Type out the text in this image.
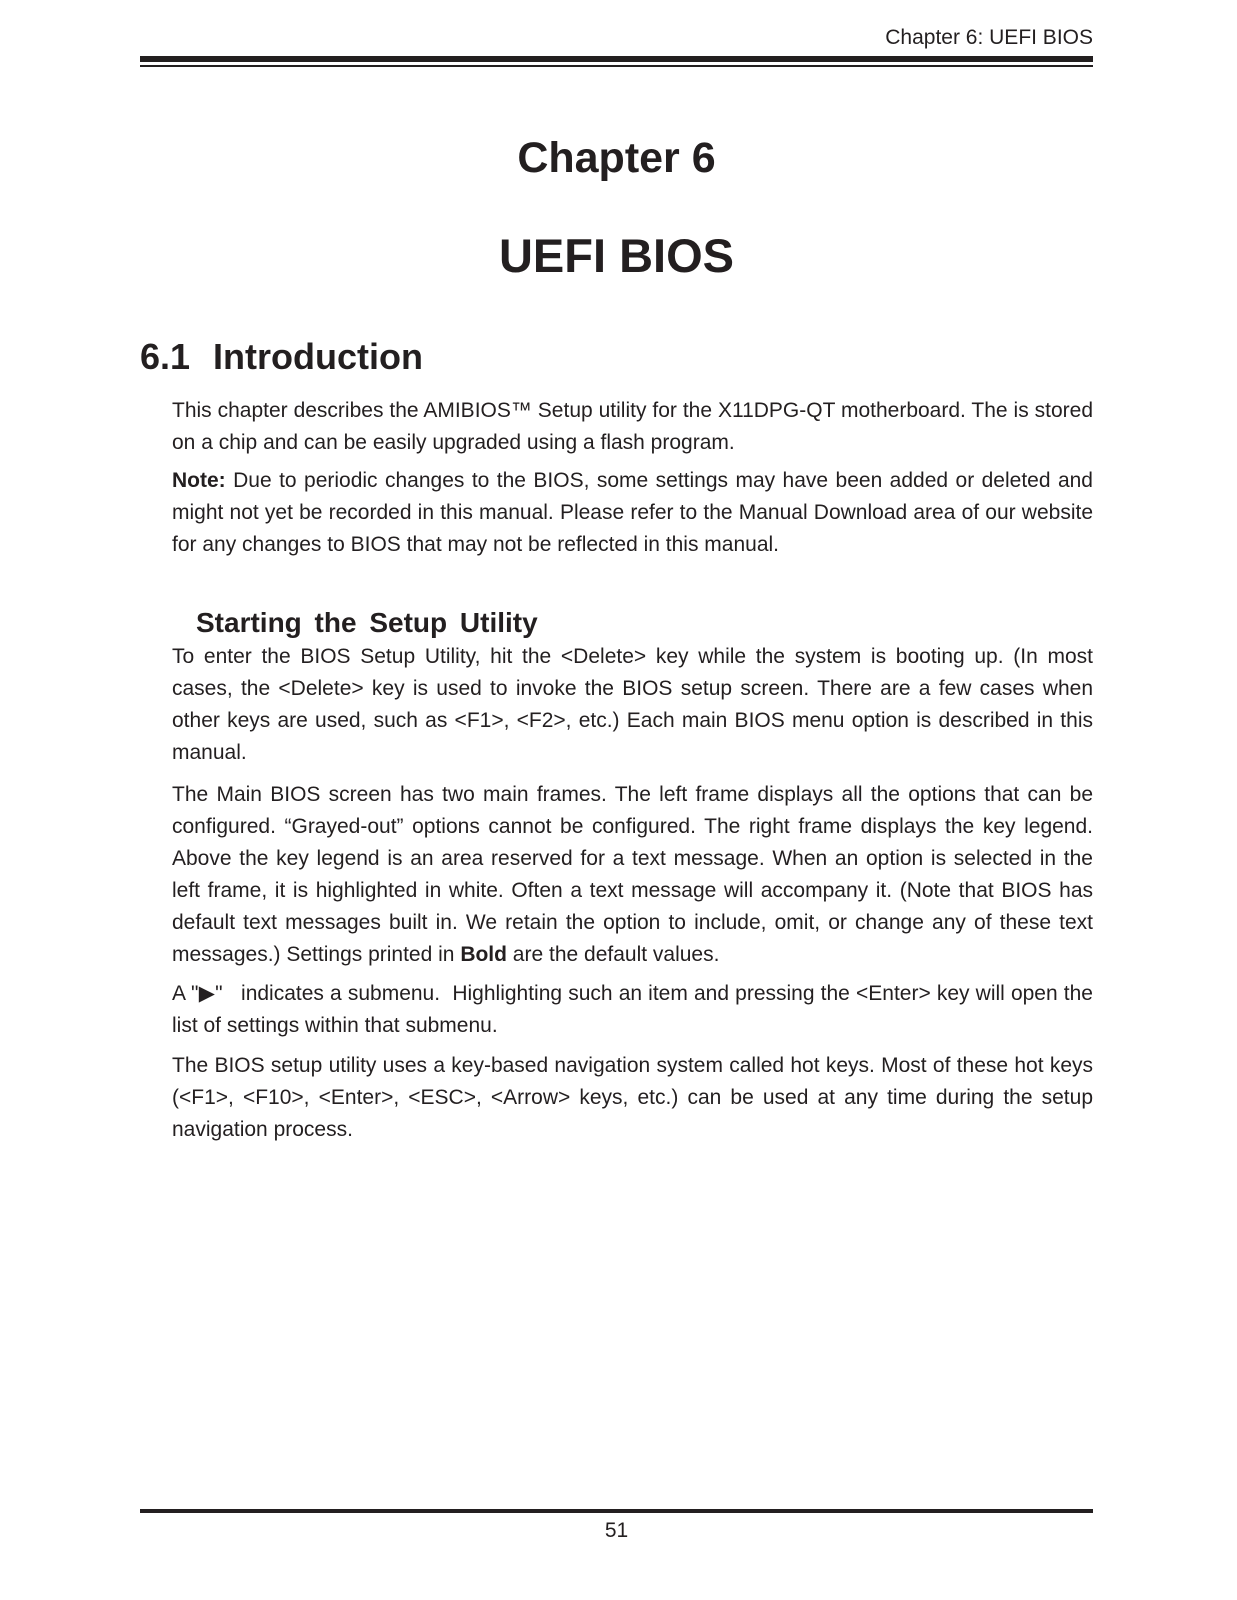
Chapter 6: UEFI BIOS
Chapter 6
UEFI BIOS
6.1 Introduction

This chapter describes the AMIBIOS™ Setup utility for the X11DPG-QT motherboard. The is stored on a chip and can be easily upgraded using a flash program.

Note: Due to periodic changes to the BIOS, some settings may have been added or deleted and might not yet be recorded in this manual. Please refer to the Manual Download area of our website for any changes to BIOS that may not be reflected in this manual.

Starting the Setup Utility

To enter the BIOS Setup Utility, hit the <Delete> key while the system is booting up. (In most cases, the <Delete> key is used to invoke the BIOS setup screen. There are a few cases when other keys are used, such as <F1>, <F2>, etc.) Each main BIOS menu option is described in this manual.

The Main BIOS screen has two main frames. The left frame displays all the options that can be configured. “Grayed-out” options cannot be configured. The right frame displays the key legend. Above the key legend is an area reserved for a text message. When an option is selected in the left frame, it is highlighted in white. Often a text message will accompany it. (Note that BIOS has default text messages built in. We retain the option to include, omit, or change any of these text messages.) Settings printed in Bold are the default values.

A "▶"   indicates a submenu.  Highlighting such an item and pressing the <Enter> key will open the list of settings within that submenu.

The BIOS setup utility uses a key-based navigation system called hot keys. Most of these hot keys (<F1>, <F10>, <Enter>, <ESC>, <Arrow> keys, etc.) can be used at any time during the setup navigation process.

51
